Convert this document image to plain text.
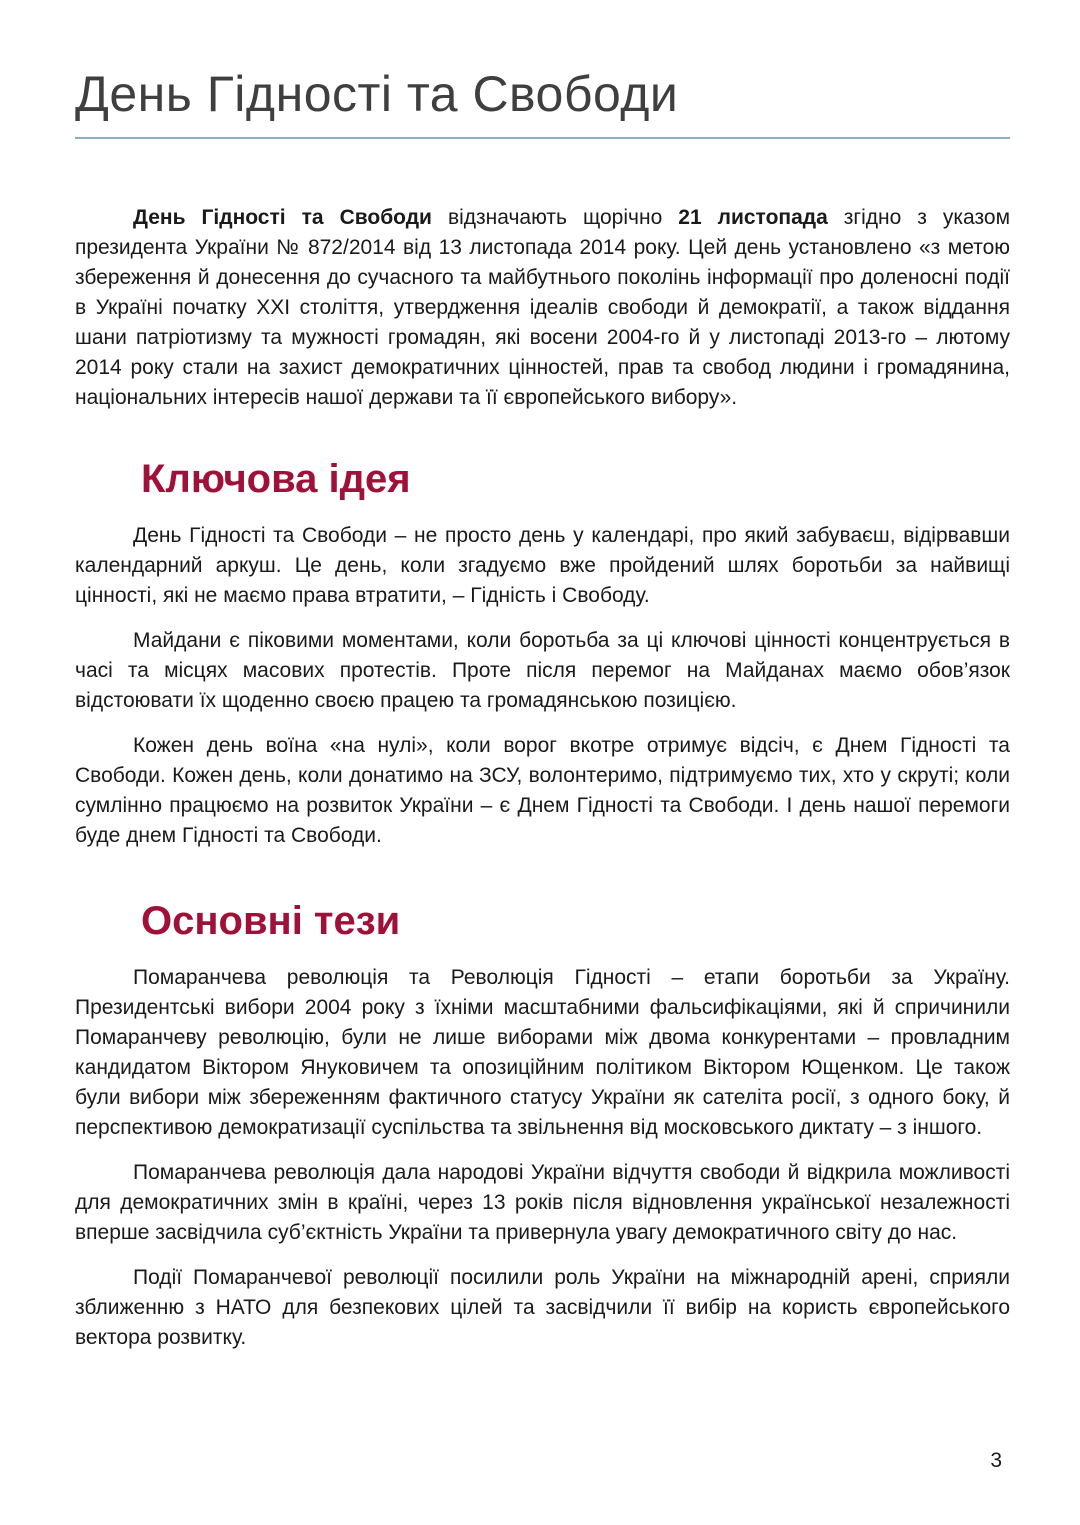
День Гідності та Свободи

День Гідності та Свободи відзначають щорічно 21 листопада згідно з указом президента України № 872/2014 від 13 листопада 2014 року. Цей день установлено «з метою збереження й донесення до сучасного та майбутнього поколінь інформації про доленосні події в Україні початку XXI століття, утвердження ідеалів свободи й демократії, а також віддання шани патріотизму та мужності громадян, які восени 2004-го й у листопаді 2013-го – лютому 2014 року стали на захист демократичних цінностей, прав та свобод людини і громадянина, національних інтересів нашої держави та її європейського вибору».

Ключова ідея

День Гідності та Свободи – не просто день у календарі, про який забуваєш, відірвавши календарний аркуш. Це день, коли згадуємо вже пройдений шлях боротьби за найвищі цінності, які не маємо права втратити, – Гідність і Свободу.

Майдани є піковими моментами, коли боротьба за ці ключові цінності концентрується в часі та місцях масових протестів. Проте після перемог на Майданах маємо обов’язок відстоювати їх щоденно своєю працею та громадянською позицією.

Кожен день воїна «на нулі», коли ворог вкотре отримує відсіч, є Днем Гідності та Свободи. Кожен день, коли донатимо на ЗСУ, волонтеримо, підтримуємо тих, хто у скруті; коли сумлінно працюємо на розвиток України – є Днем Гідності та Свободи. І день нашої перемоги буде днем Гідності та Свободи.

Основні тези

Помаранчева революція та Революція Гідності – етапи боротьби за Україну. Президентські вибори 2004 року з їхніми масштабними фальсифікаціями, які й спричинили Помаранчеву революцію, були не лише виборами між двома конкурентами – провладним кандидатом Віктором Януковичем та опозиційним політиком Віктором Ющенком. Це також були вибори між збереженням фактичного статусу України як сателіта росії, з одного боку, й перспективою демократизації суспільства та звільнення від московського диктату – з іншого.

Помаранчева революція дала народові України відчуття свободи й відкрила можливості для демократичних змін в країні, через 13 років після відновлення української незалежності вперше засвідчила суб’єктність України та привернула увагу демократичного світу до нас.

Події Помаранчевої революції посилили роль України на міжнародній арені, сприяли зближенню з НАТО для безпекових цілей та засвідчили її вибір на користь європейського вектора розвитку.

3
